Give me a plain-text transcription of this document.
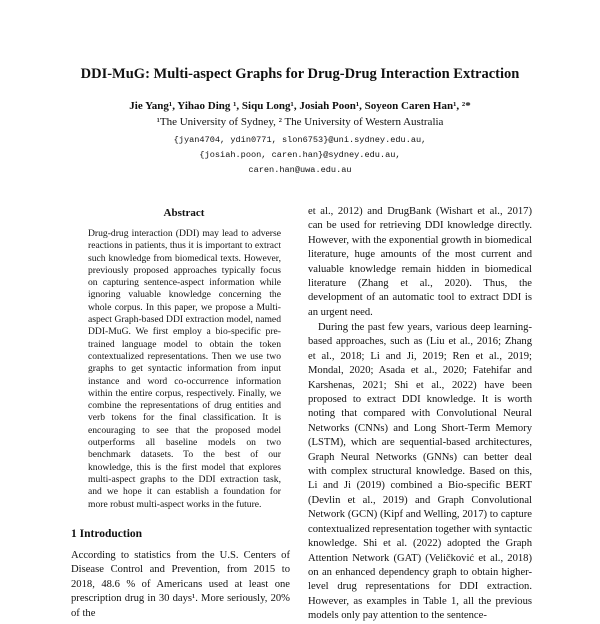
DDI-MuG: Multi-aspect Graphs for Drug-Drug Interaction Extraction
Jie Yang¹, Yihao Ding ¹, Siqu Long¹, Josiah Poon¹, Soyeon Caren Han¹, ²*
¹The University of Sydney, ² The University of Western Australia
{jyan4704, ydin0771, slon6753}@uni.sydney.edu.au,
{josiah.poon, caren.han}@sydney.edu.au,
caren.han@uwa.edu.au
Abstract

Drug-drug interaction (DDI) may lead to adverse reactions in patients, thus it is important to extract such knowledge from biomedical texts. However, previously proposed approaches typically focus on capturing sentence-aspect information while ignoring valuable knowledge concerning the whole corpus. In this paper, we propose a Multi-aspect Graph-based DDI extraction model, named DDI-MuG. We first employ a bio-specific pre-trained language model to obtain the token contextualized representations. Then we use two graphs to get syntactic information from input instance and word co-occurrence information within the entire corpus, respectively. Finally, we combine the representations of drug entities and verb tokens for the final classification. It is encouraging to see that the proposed model outperforms all baseline models on two benchmark datasets. To the best of our knowledge, this is the first model that explores multi-aspect graphs to the DDI extraction task, and we hope it can establish a foundation for more robust multi-aspect works in the future.

1 Introduction

According to statistics from the U.S. Centers of Disease Control and Prevention, from 2015 to 2018, 48.6 % of Americans used at least one prescription drug in 30 days¹. More seriously, 20% of the

et al., 2012) and DrugBank (Wishart et al., 2017) can be used for retrieving DDI knowledge directly. However, with the exponential growth in biomedical literature, huge amounts of the most current and valuable knowledge remain hidden in biomedical literature (Zhang et al., 2020). Thus, the development of an automatic tool to extract DDI is an urgent need.

During the past few years, various deep learning-based approaches, such as (Liu et al., 2016; Zhang et al., 2018; Li and Ji, 2019; Ren et al., 2019; Mondal, 2020; Asada et al., 2020; Fatehifar and Karshenas, 2021; Shi et al., 2022) have been proposed to extract DDI knowledge. It is worth noting that compared with Convolutional Neural Networks (CNNs) and Long Short-Term Memory (LSTM), which are sequential-based architectures, Graph Neural Networks (GNNs) can better deal with complex structural knowledge. Based on this, Li and Ji (2019) combined a Bio-specific BERT (Devlin et al., 2019) and Graph Convolutional Network (GCN) (Kipf and Welling, 2017) to capture contextualized representation together with syntactic knowledge. Shi et al. (2022) adopted the Graph Attention Network (GAT) (Veličković et al., 2018) on an enhanced dependency graph to obtain higher-level drug representations for DDI extraction. However, as examples in Table 1, all the previous models only pay attention to the sentence-
